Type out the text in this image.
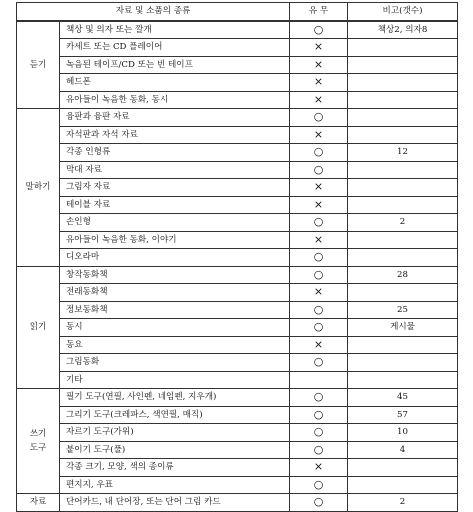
자료 및 소품의 종류		유 무	비고(갯수)
듣기	책상 및 의자 또는 깔개	○	책상2, 의자8
	카세트 또는 CD 플레이어	×	
	녹음된 테이프/CD 또는 빈 테이프	×	
	헤드폰	×	
	유아들이 녹음한 동화, 동시	×	
말하기	융판과 융판 자료	○	
	자석판과 자석 자료	×	
	각종 인형류	○	12
	막대 자료	○	
	그림자 자료	×	
	테이블 자료	×	
	손인형	○	2
	유아들이 녹음한 동화, 이야기	×	
	디오라마	○	
읽기	창작동화책	○	28
	전래동화책	×	
	정보동화책	○	25
	동시	○	게시물
	동요	×	
	그림동화	○	
	기타		
쓰기
도구	필기 도구(연필, 사인펜, 네임펜, 지우개)	○	45
	그리기 도구(크레파스, 색연필, 매직)	○	57
	자르기 도구(가위)	○	10
	붙이기 도구(풀)	○	4
	각종 크기, 모양, 색의 종이류	×	
	편지지, 우표	○	
자료	단어카드, 내 단어장, 또는 단어 그림 카드	○	2
